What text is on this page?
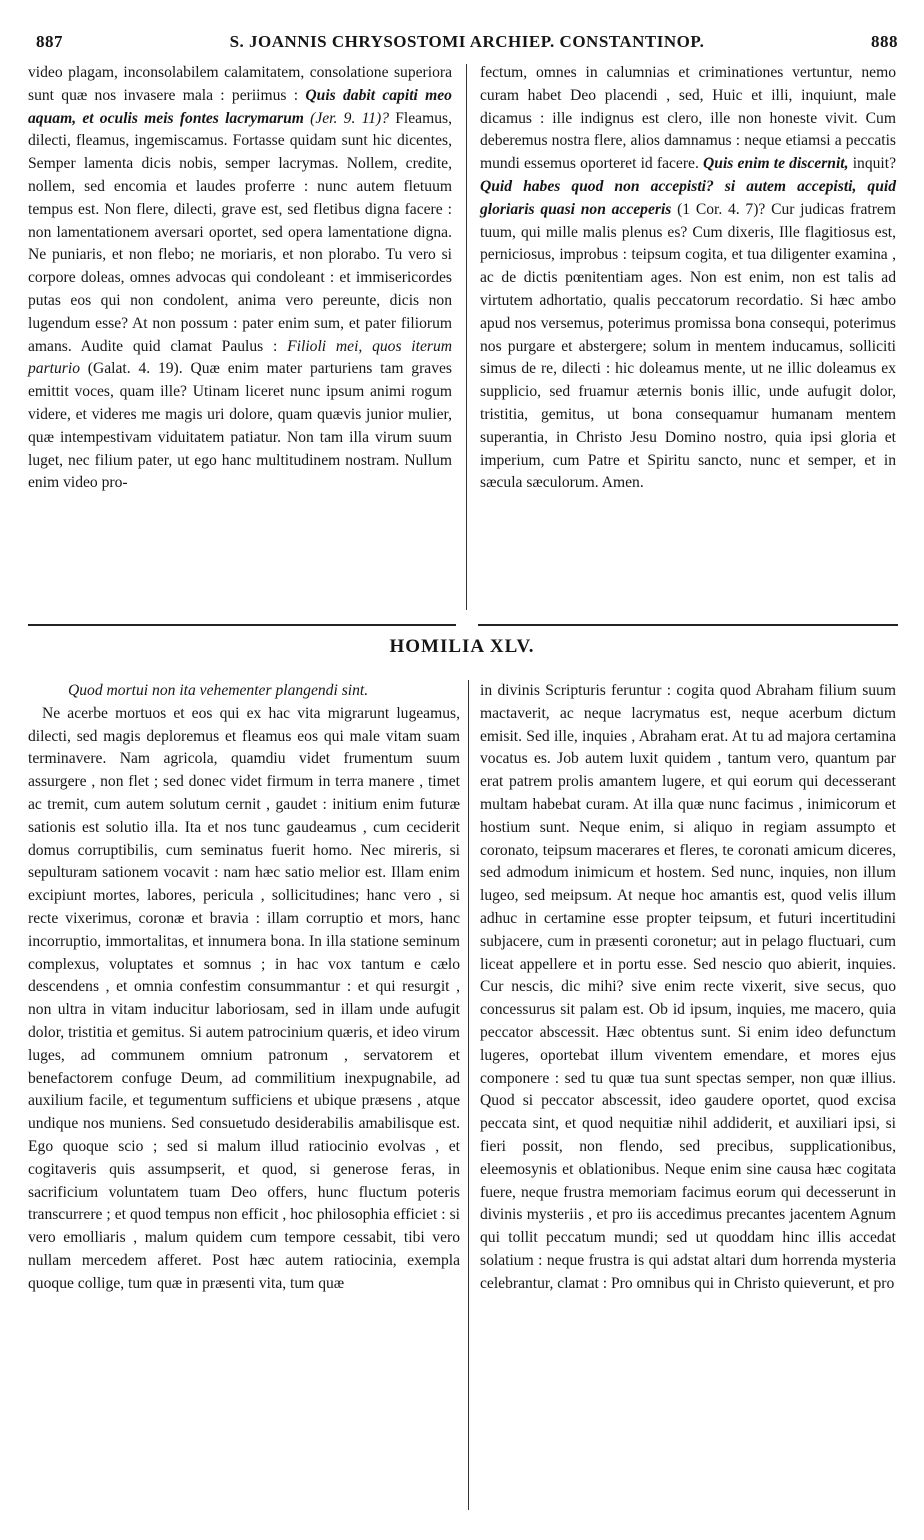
887	S. JOANNIS CHRYSOSTOMI ARCHIEP. CONSTANTINOP.	888

video plagam, inconsolabilem calamitatem, consolatione superiora sunt quæ nos invasere mala : periimus : Quis dabit capiti meo aquam, et oculis meis fontes lacrymarum (Jer. 9. 11)? Fleamus, dilecti, fleamus, ingemiscamus. Fortasse quidam sunt hic dicentes, Semper lamenta dicis nobis, semper lacrymas. Nollem, credite, nollem, sed encomia et laudes proferre : nunc autem fletuum tempus est. Non flere, dilecti, grave est, sed fletibus digna facere : non lamentationem aversari oportet, sed opera lamentatione digna. Ne puniaris, et non flebo; ne moriaris, et non plorabo. Tu vero si corpore doleas, omnes advocas qui condoleant : et immisericordes putas eos qui non condolent, anima vero pereunte, dicis non lugendum esse? At non possum : pater enim sum, et pater filiorum amans. Audite quid clamat Paulus : Filioli mei, quos iterum parturio (Galat. 4. 19). Quæ enim mater parturiens tam graves emittit voces, quam ille? Utinam liceret nunc ipsum animi rogum videre, et videres me magis uri dolore, quam quævis junior mulier, quæ intempestivam viduitatem patiatur. Non tam illa virum suum luget, nec filium pater, ut ego hanc multitudinem nostram. Nullum enim video pro-

fectum, omnes in calumnias et criminationes vertuntur, nemo curam habet Deo placendi , sed, Huic et illi, inquiunt, male dicamus : ille indignus est clero, ille non honeste vivit. Cum deberemus nostra flere, alios damnamus : neque etiamsi a peccatis mundi essemus oporteret id facere. Quis enim te discernit, inquit? Quid habes quod non accepisti? si autem accepisti, quid gloriaris quasi non acceperis (1 Cor. 4. 7)? Cur judicas fratrem tuum, qui mille malis plenus es? Cum dixeris, Ille flagitiosus est, perniciosus, improbus : teipsum cogita, et tua diligenter examina , ac de dictis pœnitentiam ages. Non est enim, non est talis ad virtutem adhortatio, qualis peccatorum recordatio. Si hæc ambo apud nos versemus, poterimus promissa bona consequi, poterimus nos purgare et abstergere; solum in mentem inducamus, solliciti simus de re, dilecti : hic doleamus mente, ut ne illic doleamus ex supplicio, sed fruamur æternis bonis illic, unde aufugit dolor, tristitia, gemitus, ut bona consequamur humanam mentem superantia, in Christo Jesu Domino nostro, quia ipsi gloria et imperium, cum Patre et Spiritu sancto, nunc et semper, et in sæcula sæculorum. Amen.

HOMILIA XLV.

Quod mortui non ita vehementer plangendi sint.

Ne acerbe mortuos et eos qui ex hac vita migrarunt lugeamus, dilecti, sed magis deploremus et fleamus eos qui male vitam suam terminavere. Nam agricola, quamdiu videt frumentum suum assurgere , non flet ; sed donec videt firmum in terra manere , timet ac tremit, cum autem solutum cernit , gaudet : initium enim futuræ sationis est solutio illa. Ita et nos tunc gaudeamus , cum ceciderit domus corruptibilis, cum seminatus fuerit homo. Nec mireris, si sepulturam sationem vocavit : nam hæc satio melior est. Illam enim excipiunt mortes, labores, pericula , sollicitudines; hanc vero , si recte vixerimus, coronæ et bravia : illam corruptio et mors, hanc incorruptio, immortalitas, et innumera bona. In illa statione seminum complexus, voluptates et somnus ; in hac vox tantum e cælo descendens , et omnia confestim consummantur : et qui resurgit , non ultra in vitam inducitur laboriosam, sed in illam unde aufugit dolor, tristitia et gemitus. Si autem patrocinium quæris, et ideo virum luges, ad communem omnium patronum , servatorem et benefactorem confuge Deum, ad commilitium inexpugnabile, ad auxilium facile, et tegumentum sufficiens et ubique præsens , atque undique nos muniens. Sed consuetudo desiderabilis amabilisque est. Ego quoque scio ; sed si malum illud ratiocinio evolvas , et cogitaveris quis assumpserit, et quod, si generose feras, in sacrificium voluntatem tuam Deo offers, hunc fluctum poteris transcurrere ; et quod tempus non efficit , hoc philosophia efficiet : si vero emolliaris , malum quidem cum tempore cessabit, tibi vero nullam mercedem afferet. Post hæc autem ratiocinia, exempla quoque collige, tum quæ in præsenti vita, tum quæ

in divinis Scripturis feruntur : cogita quod Abraham filium suum mactaverit, ac neque lacrymatus est, neque acerbum dictum emisit. Sed ille, inquies , Abraham erat. At tu ad majora certamina vocatus es. Job autem luxit quidem , tantum vero, quantum par erat patrem prolis amantem lugere, et qui eorum qui decesserant multam habebat curam. At illa quæ nunc facimus , inimicorum et hostium sunt. Neque enim, si aliquo in regiam assumpto et coronato, teipsum macerares et fleres, te coronati amicum diceres, sed admodum inimicum et hostem. Sed nunc, inquies, non illum lugeo, sed meipsum. At neque hoc amantis est, quod velis illum adhuc in certamine esse propter teipsum, et futuri incertitudini subjacere, cum in præsenti coronetur; aut in pelago fluctuari, cum liceat appellere et in portu esse. Sed nescio quo abierit, inquies. Cur nescis, dic mihi? sive enim recte vixerit, sive secus, quo concessurus sit palam est. Ob id ipsum, inquies, me macero, quia peccator abscessit. Hæc obtentus sunt. Si enim ideo defunctum lugeres, oportebat illum viventem emendare, et mores ejus componere : sed tu quæ tua sunt spectas semper, non quæ illius. Quod si peccator abscessit, ideo gaudere oportet, quod excisa peccata sint, et quod nequitiæ nihil addiderit, et auxiliari ipsi, si fieri possit, non flendo, sed precibus, supplicationibus, eleemosynis et oblationibus. Neque enim sine causa hæc cogitata fuere, neque frustra memoriam facimus eorum qui decesserunt in divinis mysteriis , et pro iis accedimus precantes jacentem Agnum qui tollit peccatum mundi; sed ut quoddam hinc illis accedat solatium : neque frustra is qui adstat altari dum horrenda mysteria celebrantur, clamat : Pro omnibus qui in Christo quieverunt, et pro
